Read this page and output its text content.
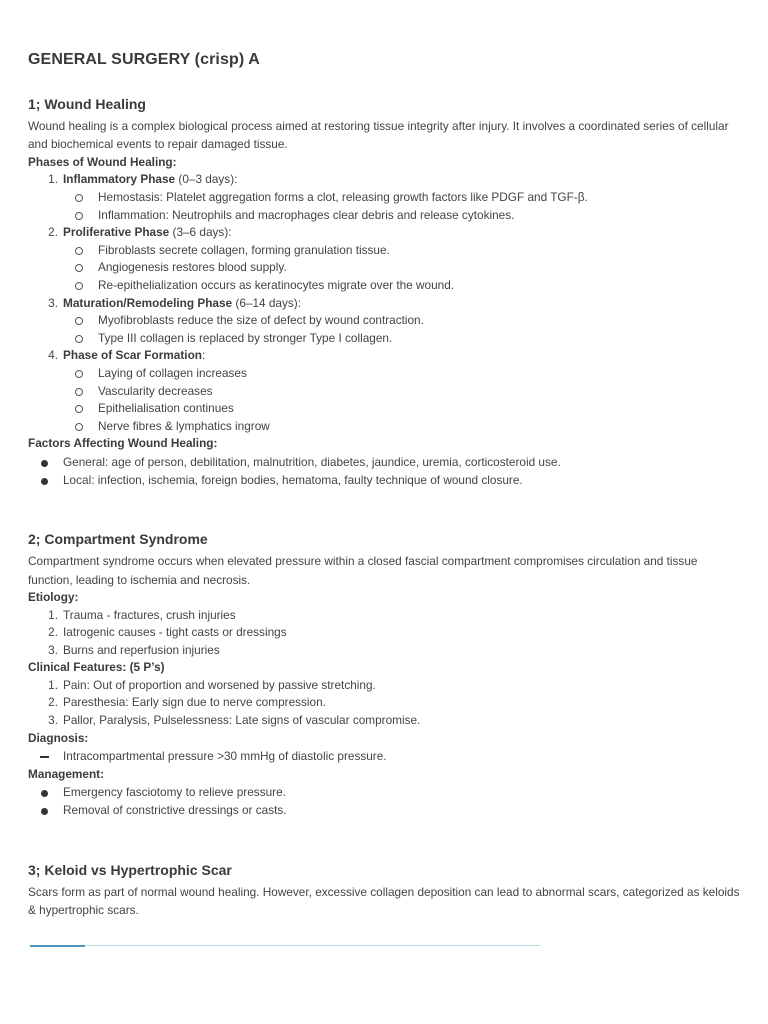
GENERAL SURGERY (crisp) A
1; Wound Healing

Wound healing is a complex biological process aimed at restoring tissue integrity after injury. It involves a coordinated series of cellular and biochemical events to repair damaged tissue.

Phases of Wound Healing:
1. Inflammatory Phase (0–3 days):
Hemostasis: Platelet aggregation forms a clot, releasing growth factors like PDGF and TGF-β.
Inflammation: Neutrophils and macrophages clear debris and release cytokines.
2. Proliferative Phase (3–6 days):
Fibroblasts secrete collagen, forming granulation tissue.
Angiogenesis restores blood supply.
Re-epithelialization occurs as keratinocytes migrate over the wound.
3. Maturation/Remodeling Phase (6–14 days):
Myofibroblasts reduce the size of defect by wound contraction.
Type III collagen is replaced by stronger Type I collagen.
4. Phase of Scar Formation:
Laying of collagen increases
Vascularity decreases
Epithelialisation continues
Nerve fibres & lymphatics ingrow
Factors Affecting Wound Healing:
General: age of person, debilitation, malnutrition, diabetes, jaundice, uremia, corticosteroid use.
Local: infection, ischemia, foreign bodies, hematoma, faulty technique of wound closure.
2; Compartment Syndrome

Compartment syndrome occurs when elevated pressure within a closed fascial compartment compromises circulation and tissue function, leading to ischemia and necrosis.

Etiology:
1. Trauma - fractures, crush injuries
2. Iatrogenic causes - tight casts or dressings
3. Burns and reperfusion injuries
Clinical Features: (5 P’s)
1. Pain: Out of proportion and worsened by passive stretching.
2. Paresthesia: Early sign due to nerve compression.
3. Pallor, Paralysis, Pulselessness: Late signs of vascular compromise.
Diagnosis:
Intracompartmental pressure >30 mmHg of diastolic pressure.
Management:
Emergency fasciotomy to relieve pressure.
Removal of constrictive dressings or casts.
3; Keloid vs Hypertrophic Scar

Scars form as part of normal wound healing. However, excessive collagen deposition can lead to abnormal scars, categorized as keloids & hypertrophic scars.
